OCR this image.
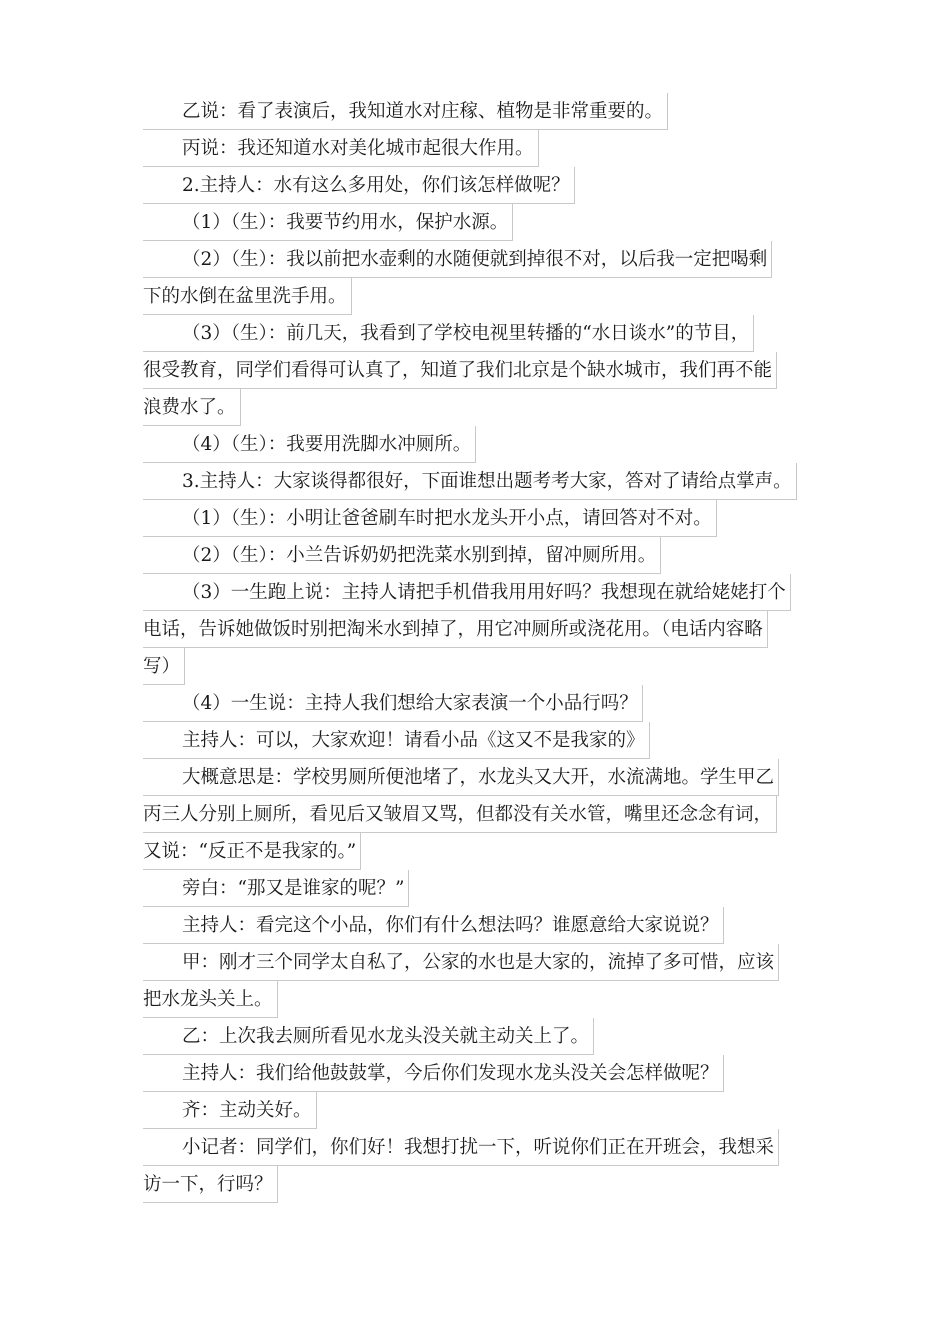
乙说：看了表演后，我知道水对庄稼、植物是非常重要的。
丙说：我还知道水对美化城市起很大作用。
2.主持人：水有这么多用处，你们该怎样做呢？
（1）（生）：我要节约用水，保护水源。
（2）（生）：我以前把水壶剩的水随便就到掉很不对，以后我一定把喝剩
下的水倒在盆里洗手用。
（3）（生）：前几天，我看到了学校电视里转播的“水日谈水”的节目，
很受教育，同学们看得可认真了，知道了我们北京是个缺水城市，我们再不能
浪费水了。
（4）（生）：我要用洗脚水冲厕所。
3.主持人：大家谈得都很好，下面谁想出题考考大家，答对了请给点掌声。
（1）（生）：小明让爸爸刷车时把水龙头开小点，请回答对不对。
（2）（生）：小兰告诉奶奶把洗菜水别到掉，留冲厕所用。
（3）一生跑上说：主持人请把手机借我用用好吗？我想现在就给姥姥打个
电话，告诉她做饭时别把淘米水到掉了，用它冲厕所或浇花用。（电话内容略
写）
（4）一生说：主持人我们想给大家表演一个小品行吗？
主持人：可以，大家欢迎！请看小品《这又不是我家的》
大概意思是：学校男厕所便池堵了，水龙头又大开，水流满地。学生甲乙
丙三人分别上厕所，看见后又皱眉又骂，但都没有关水管，嘴里还念念有词，
又说：“反正不是我家的。”
旁白：“那又是谁家的呢？”
主持人：看完这个小品，你们有什么想法吗？谁愿意给大家说说？
甲：刚才三个同学太自私了，公家的水也是大家的，流掉了多可惜，应该
把水龙头关上。
乙：上次我去厕所看见水龙头没关就主动关上了。
主持人：我们给他鼓鼓掌，今后你们发现水龙头没关会怎样做呢？
齐：主动关好。
小记者：同学们，你们好！我想打扰一下，听说你们正在开班会，我想采
访一下，行吗？
